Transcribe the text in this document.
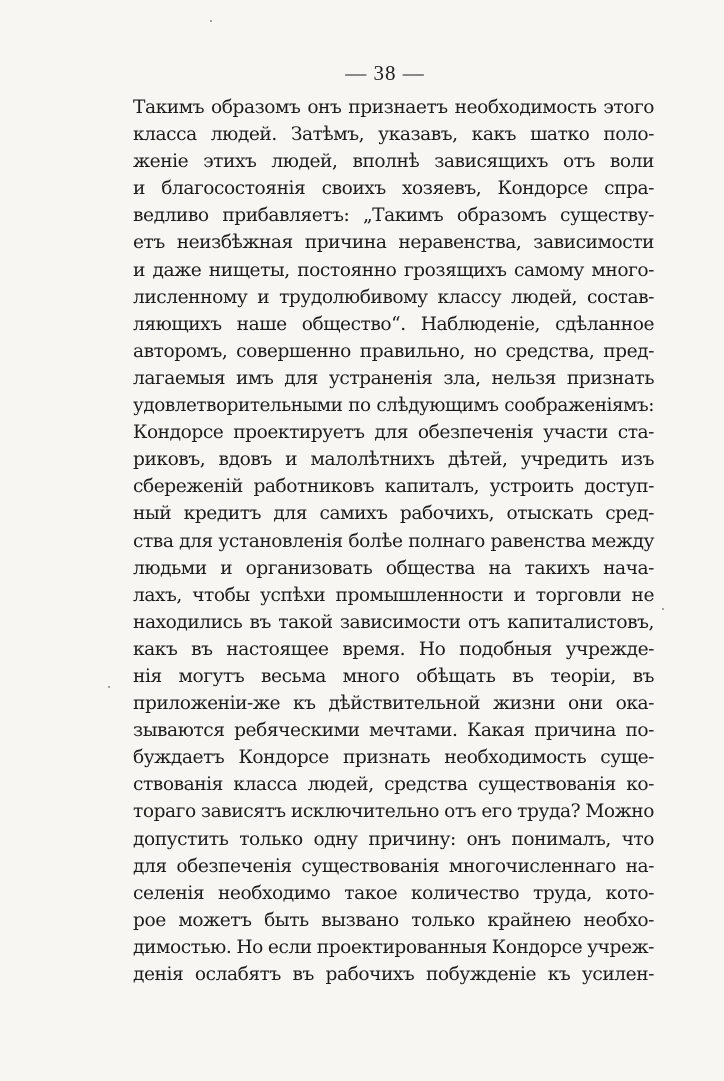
— 38 —
Такимъ образомъ онъ признаетъ необходимость этого
класса людей. Затѣмъ, указавъ, какъ шатко поло-
женіе этихъ людей, вполнѣ зависящихъ отъ воли
и благосостоянія своихъ хозяевъ, Кондорсе спра-
ведливо прибавляетъ: „Такимъ образомъ существу-
етъ неизбѣжная причина неравенства, зависимости
и даже нищеты, постоянно грозящихъ самому много-
лисленному и трудолюбивому классу людей, состав-
ляющихъ наше общество“. Наблюденіе, сдѣланное
авторомъ, совершенно правильно, но средства, пред-
лагаемыя имъ для устраненія зла, нельзя признать
удовлетворительными по слѣдующимъ соображеніямъ:
Кондорсе проектируетъ для обезпеченія участи ста-
риковъ, вдовъ и малолѣтнихъ дѣтей, учредить изъ
сбереженій работниковъ капиталъ, устроить доступ-
ный кредитъ для самихъ рабочихъ, отыскать сред-
ства для установленія болѣе полнаго равенства между
людьми и организовать общества на такихъ нача-
лахъ, чтобы успѣхи промышленности и торговли не
находились въ такой зависимости отъ капиталистовъ,
какъ въ настоящее время. Но подобныя учрежде-
нія могутъ весьма много обѣщать въ теоріи, въ
приложеніи-же къ дѣйствительной жизни они ока-
зываются ребяческими мечтами. Какая причина по-
буждаетъ Кондорсе признать необходимость суще-
ствованія класса людей, средства существованія ко-
тораго зависятъ исключительно отъ его труда? Можно
допустить только одну причину: онъ понималъ, что
для обезпеченія существованія многочисленнаго на-
селенія необходимо такое количество труда, кото-
рое можетъ быть вызвано только крайнею необхо-
димостью. Но если проектированныя Кондорсе учреж-
денія ослабятъ въ рабочихъ побужденіе къ усилен-
